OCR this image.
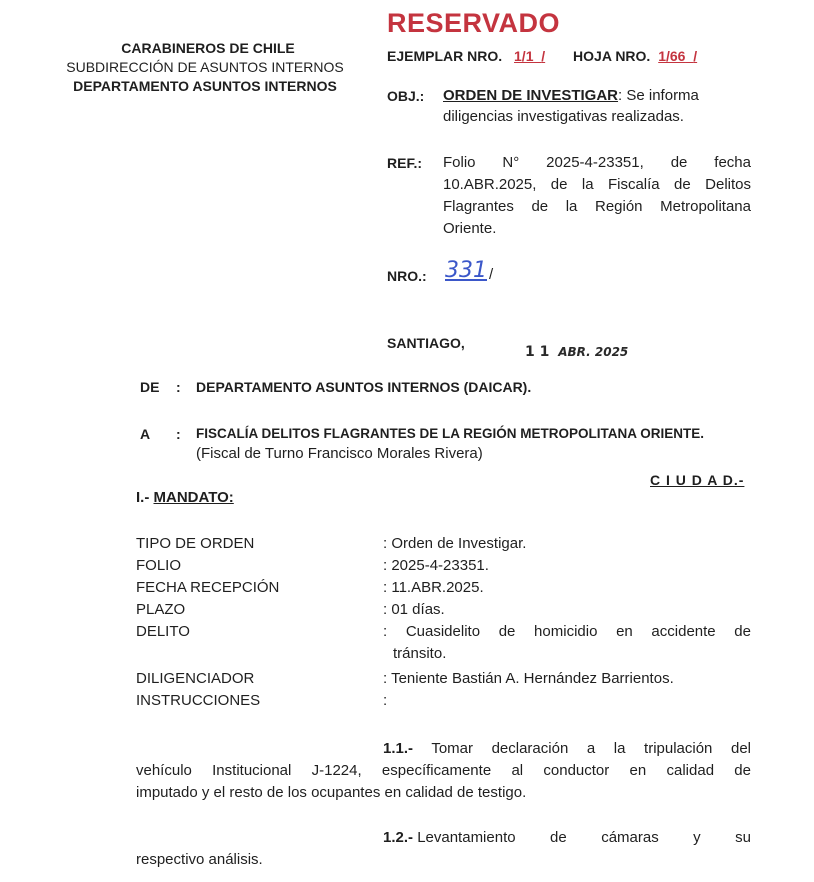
RESERVADO
CARABINEROS DE CHILE
SUBDIRECCIÓN DE ASUNTOS INTERNOS
DEPARTAMENTO ASUNTOS INTERNOS
EJEMPLAR NRO. 1/1 / HOJA NRO. 1/66 /
OBJ.: ORDEN DE INVESTIGAR: Se informa
diligencias investigativas realizadas.
REF.: Folio N° 2025-4-23351, de fecha
10.ABR.2025, de la Fiscalía de Delitos
Flagrantes de la Región Metropolitana
Oriente.
NRO.: 331 /
SANTIAGO,
1 1 ABR. 2025
DE : DEPARTAMENTO ASUNTOS INTERNOS (DAICAR).
A : FISCALÍA DELITOS FLAGRANTES DE LA REGIÓN METROPOLITANA ORIENTE.
(Fiscal de Turno Francisco Morales Rivera)
C I U D A D.-
I.- MANDATO:
TIPO DE ORDEN	: Orden de Investigar.
FOLIO	: 2025-4-23351.
FECHA RECEPCIÓN	: 11.ABR.2025.
PLAZO	: 01 días.
DELITO	: Cuasidelito de homicidio en accidente de
tránsito.
DILIGENCIADOR	: Teniente Bastián A. Hernández Barrientos.
INSTRUCCIONES	:
1.1.- Tomar declaración a la tripulación del
vehículo Institucional J-1224, específicamente al conductor en calidad de
imputado y el resto de los ocupantes en calidad de testigo.
1.2.- Levantamiento de cámaras y su
respectivo análisis.
